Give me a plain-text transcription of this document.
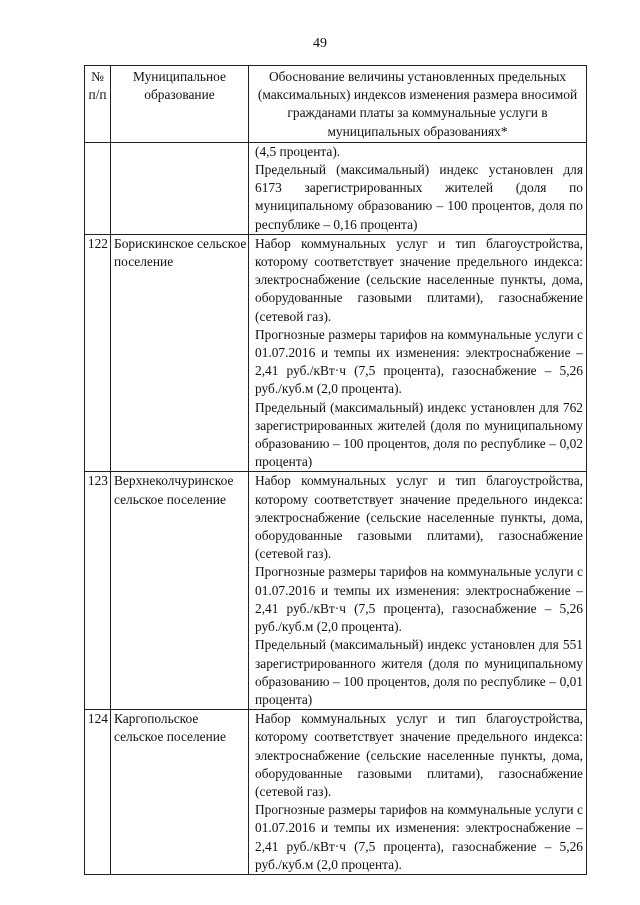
49
№ п/п	Муниципальное образование	Обоснование величины установленных предельных (максимальных) индексов изменения размера вносимой гражданами платы за коммунальные услуги в муниципальных образованиях*

		(4,5 процента).
Предельный (максимальный) индекс установлен для 6173 зарегистрированных жителей (доля по муниципальному образованию – 100 процентов, доля по республике – 0,16 процента)

122	Борискинское сельское поселение	Набор коммунальных услуг и тип благоустройства, которому соответствует значение предельного индекса: электроснабжение (сельские населенные пункты, дома, оборудованные газовыми плитами), газоснабжение (сетевой газ).
Прогнозные размеры тарифов на коммунальные услуги с 01.07.2016 и темпы их изменения: электроснабжение – 2,41 руб./кВт·ч (7,5 процента), газоснабжение – 5,26 руб./куб.м (2,0 процента).
Предельный (максимальный) индекс установлен для 762 зарегистрированных жителей (доля по муниципальному образованию – 100 процентов, доля по республике – 0,02 процента)

123	Верхнеколчуринское сельское поселение	Набор коммунальных услуг и тип благоустройства, которому соответствует значение предельного индекса: электроснабжение (сельские населенные пункты, дома, оборудованные газовыми плитами), газоснабжение (сетевой газ).
Прогнозные размеры тарифов на коммунальные услуги с 01.07.2016 и темпы их изменения: электроснабжение – 2,41 руб./кВт·ч (7,5 процента), газоснабжение – 5,26 руб./куб.м (2,0 процента).
Предельный (максимальный) индекс установлен для 551 зарегистрированного жителя (доля по муниципальному образованию – 100 процентов, доля по республике – 0,01 процента)

124	Каргопольское сельское поселение	Набор коммунальных услуг и тип благоустройства, которому соответствует значение предельного индекса: электроснабжение (сельские населенные пункты, дома, оборудованные газовыми плитами), газоснабжение (сетевой газ).
Прогнозные размеры тарифов на коммунальные услуги с 01.07.2016 и темпы их изменения: электроснабжение – 2,41 руб./кВт·ч (7,5 процента), газоснабжение – 5,26 руб./куб.м (2,0 процента).
